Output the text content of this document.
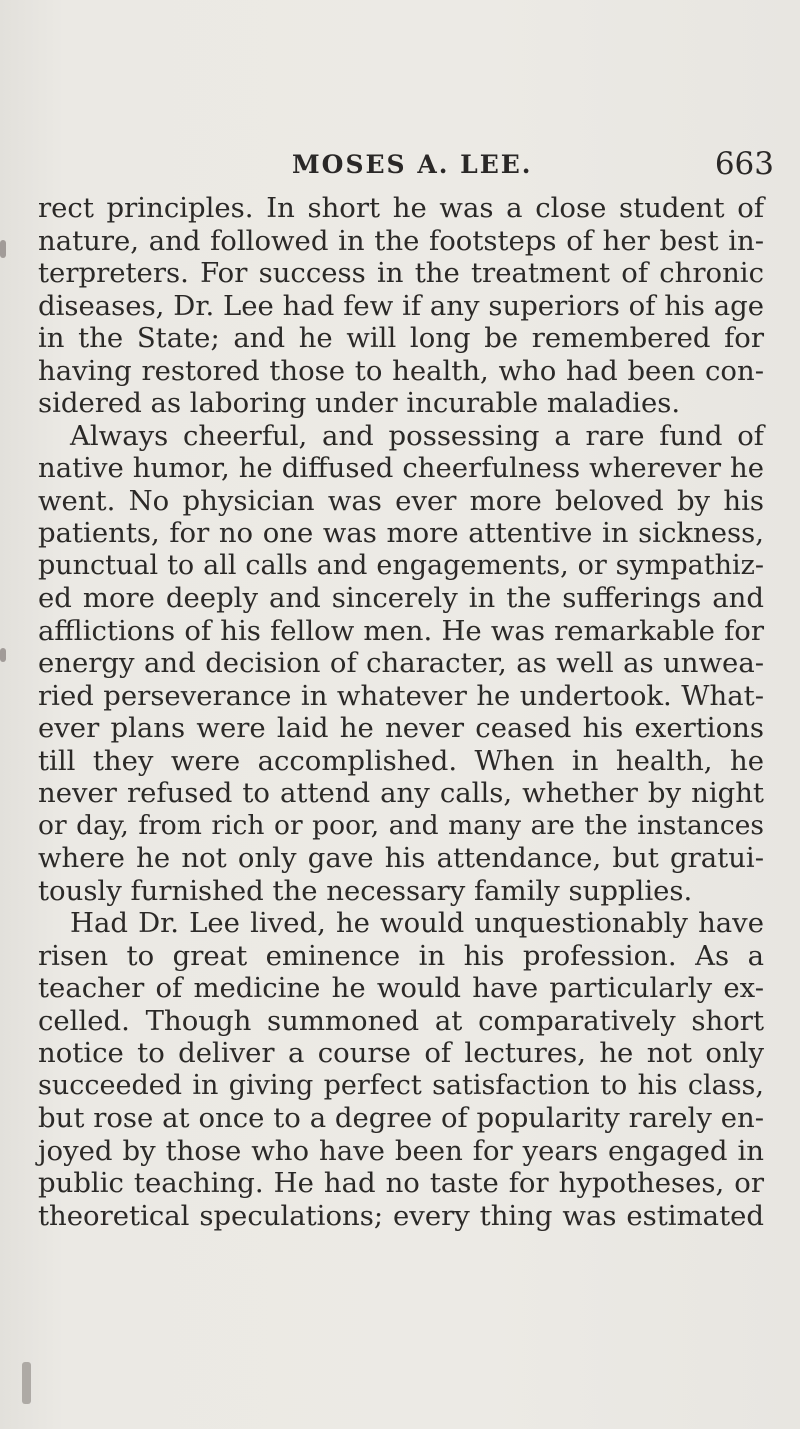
MOSES A. LEE.	663
rect principles. In short he was a close student of
nature, and followed in the footsteps of her best in-
terpreters. For success in the treatment of chronic
diseases, Dr. Lee had few if any superiors of his age
in the State; and he will long be remembered for
having restored those to health, who had been con-
sidered as laboring under incurable maladies.
Always cheerful, and possessing a rare fund of
native humor, he diffused cheerfulness wherever he
went. No physician was ever more beloved by his
patients, for no one was more attentive in sickness,
punctual to all calls and engagements, or sympathiz-
ed more deeply and sincerely in the sufferings and
afflictions of his fellow men. He was remarkable for
energy and decision of character, as well as unwea-
ried perseverance in whatever he undertook. What-
ever plans were laid he never ceased his exertions
till they were accomplished. When in health, he
never refused to attend any calls, whether by night
or day, from rich or poor, and many are the instances
where he not only gave his attendance, but gratui-
tously furnished the necessary family supplies.
Had Dr. Lee lived, he would unquestionably have
risen to great eminence in his profession. As a
teacher of medicine he would have particularly ex-
celled. Though summoned at comparatively short
notice to deliver a course of lectures, he not only
succeeded in giving perfect satisfaction to his class,
but rose at once to a degree of popularity rarely en-
joyed by those who have been for years engaged in
public teaching. He had no taste for hypotheses, or
theoretical speculations; every thing was estimated
